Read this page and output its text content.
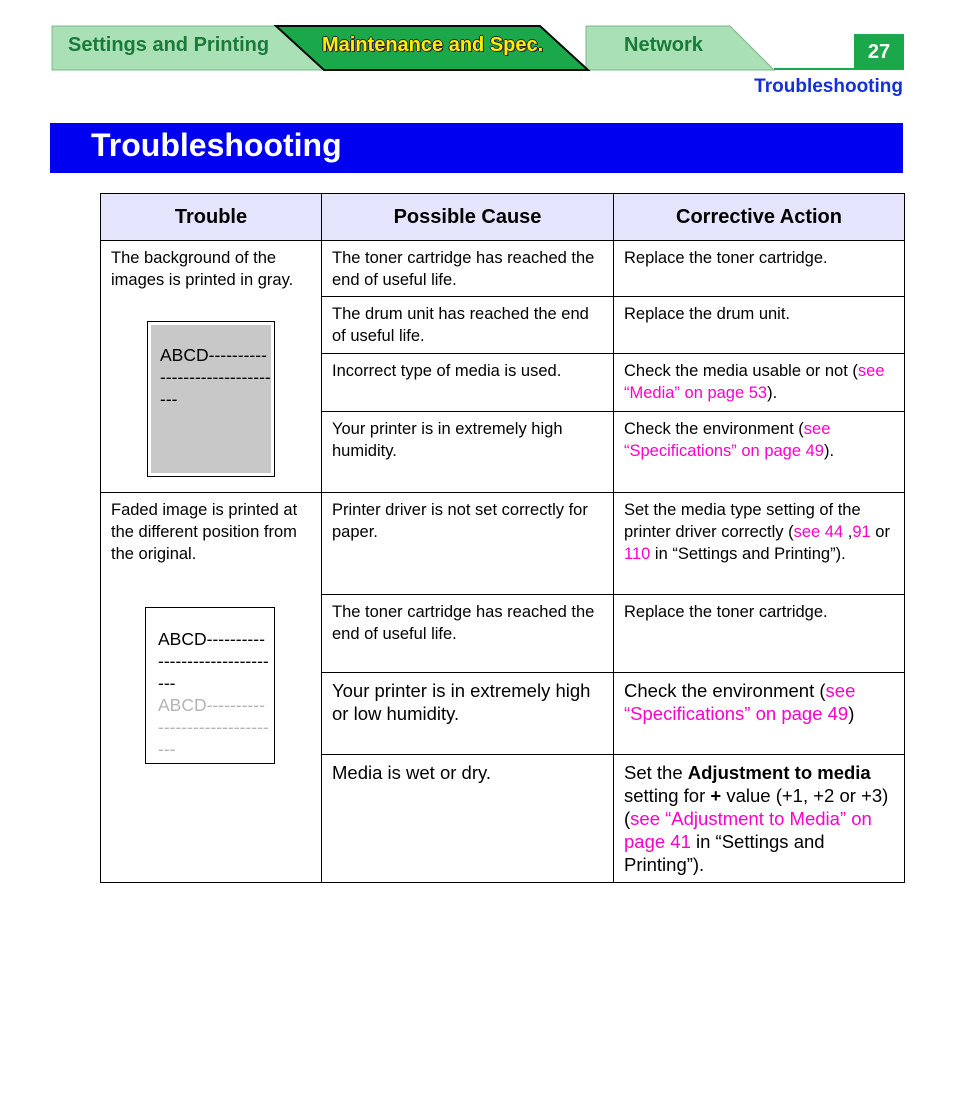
Settings and Printing	Maintenance and Spec.	Network	27
Troubleshooting
Troubleshooting
Trouble	Possible Cause	Corrective Action

The background of the images is printed in gray.
ABCD--------------------------------	The toner cartridge has reached the end of useful life.	Replace the toner cartridge.
	The drum unit has reached the end of useful life.	Replace the drum unit.
	Incorrect type of media is used.	Check the media usable or not (see “Media” on page 53).
	Your printer is in extremely high humidity.	Check the environment (see “Specifications” on page 49).

Faded image is printed at the different position from the original.
ABCD--------------------------------
ABCD--------------------------------	Printer driver is not set correctly for paper.	Set the media type setting of the printer driver correctly (see 44 ,91 or 110 in “Settings and Printing”).
	The toner cartridge has reached the end of useful life.	Replace the toner cartridge.
	Your printer is in extremely high or low humidity.	Check the environment (see “Specifications” on page 49)
	Media is wet or dry.	Set the Adjustment to media setting for + value (+1, +2 or +3) (see “Adjustment to Media” on page 41 in “Settings and Printing”).
